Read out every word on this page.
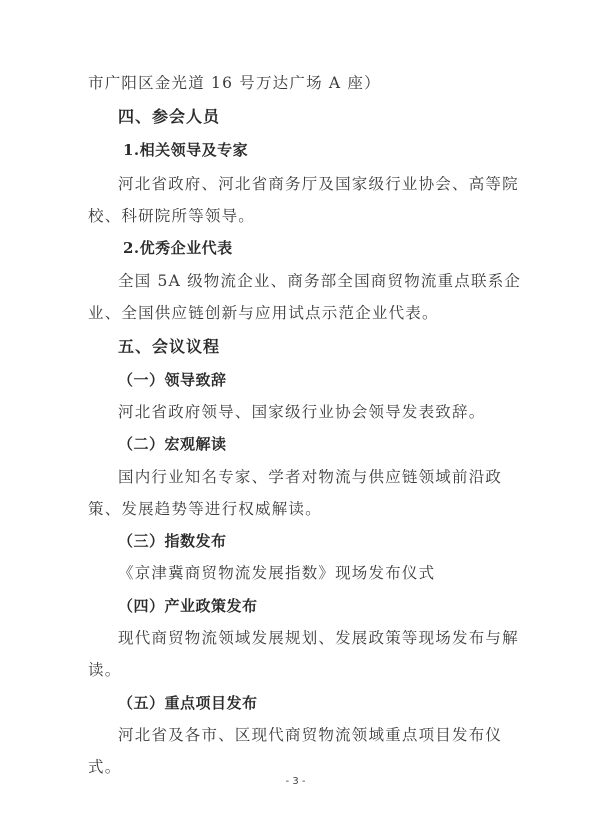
市广阳区金光道 16 号万达广场 A 座）
四、参会人员
1.相关领导及专家
河北省政府、河北省商务厅及国家级行业协会、高等院
校、科研院所等领导。
2.优秀企业代表
全国 5A 级物流企业、商务部全国商贸物流重点联系企
业、全国供应链创新与应用试点示范企业代表。
五、会议议程
（一）领导致辞
河北省政府领导、国家级行业协会领导发表致辞。
（二）宏观解读
国内行业知名专家、学者对物流与供应链领域前沿政
策、发展趋势等进行权威解读。
（三）指数发布
《京津冀商贸物流发展指数》现场发布仪式
（四）产业政策发布
现代商贸物流领域发展规划、发展政策等现场发布与解
读。
（五）重点项目发布
河北省及各市、区现代商贸物流领域重点项目发布仪
式。
- 3 -
